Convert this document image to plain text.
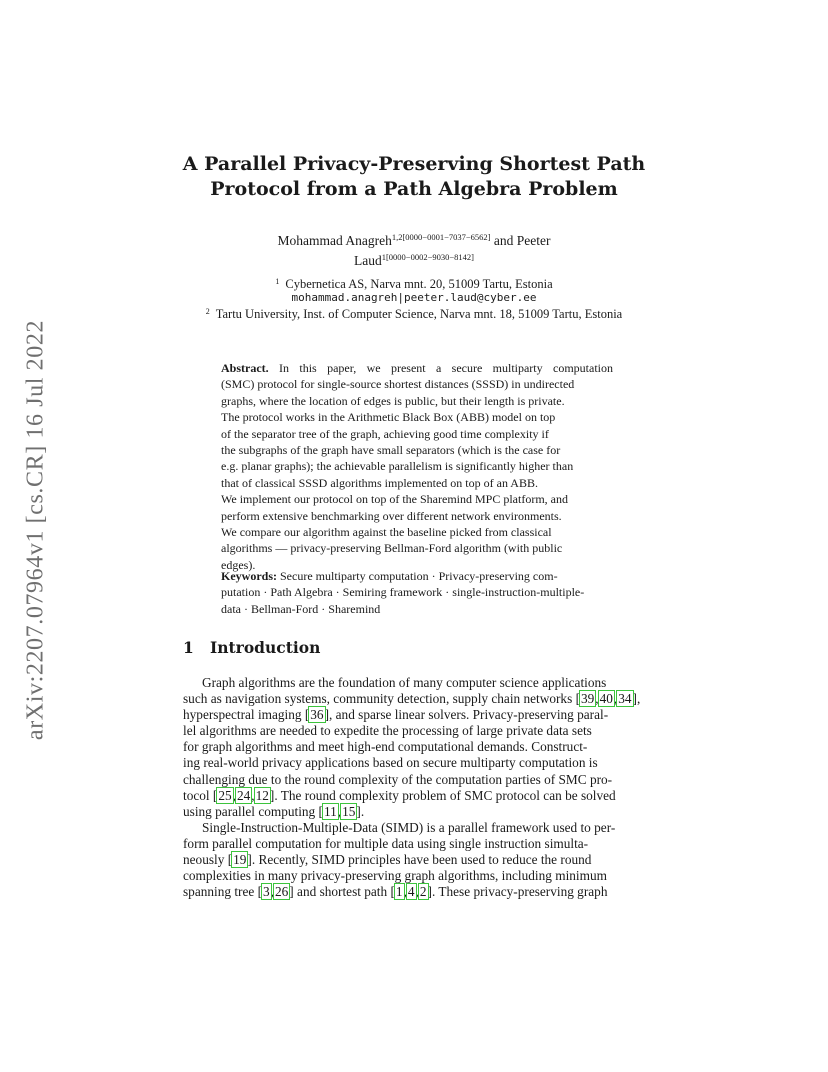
arXiv:2207.07964v1 [cs.CR] 16 Jul 2022
A Parallel Privacy-Preserving Shortest Path
Protocol from a Path Algebra Problem
Mohammad Anagreh$^{1,2[0000-0001-7037-6562]}$ and Peeter
Laud$^{1[0000-0002-9030-8142]}$
$^1$ Cybernetica AS, Narva mnt. 20, 51009 Tartu, Estonia
mohammad.anagreh|peeter.laud@cyber.ee
$^2$ Tartu University, Inst. of Computer Science, Narva mnt. 18, 51009 Tartu, Estonia
Abstract. In this paper, we present a secure multiparty computation
(SMC) protocol for single-source shortest distances (SSSD) in undirected
graphs, where the location of edges is public, but their length is private.
The protocol works in the Arithmetic Black Box (ABB) model on top
of the separator tree of the graph, achieving good time complexity if
the subgraphs of the graph have small separators (which is the case for
e.g. planar graphs); the achievable parallelism is significantly higher than
that of classical SSSD algorithms implemented on top of an ABB.
We implement our protocol on top of the Sharemind MPC platform, and
perform extensive benchmarking over different network environments.
We compare our algorithm against the baseline picked from classical
algorithms — privacy-preserving Bellman-Ford algorithm (with public
edges).
Keywords: Secure multiparty computation · Privacy-preserving com-
putation · Path Algebra · Semiring framework · single-instruction-multiple-
data · Bellman-Ford · Sharemind
1 Introduction
Graph algorithms are the foundation of many computer science applications
such as navigation systems, community detection, supply chain networks [39,40,34],
hyperspectral imaging [36], and sparse linear solvers. Privacy-preserving paral-
lel algorithms are needed to expedite the processing of large private data sets
for graph algorithms and meet high-end computational demands. Construct-
ing real-world privacy applications based on secure multiparty computation is
challenging due to the round complexity of the computation parties of SMC pro-
tocol [25,24,12]. The round complexity problem of SMC protocol can be solved
using parallel computing [11,15].
Single-Instruction-Multiple-Data (SIMD) is a parallel framework used to per-
form parallel computation for multiple data using single instruction simulta-
neously [19]. Recently, SIMD principles have been used to reduce the round
complexities in many privacy-preserving graph algorithms, including minimum
spanning tree [3,26] and shortest path [1,4,2]. These privacy-preserving graph
